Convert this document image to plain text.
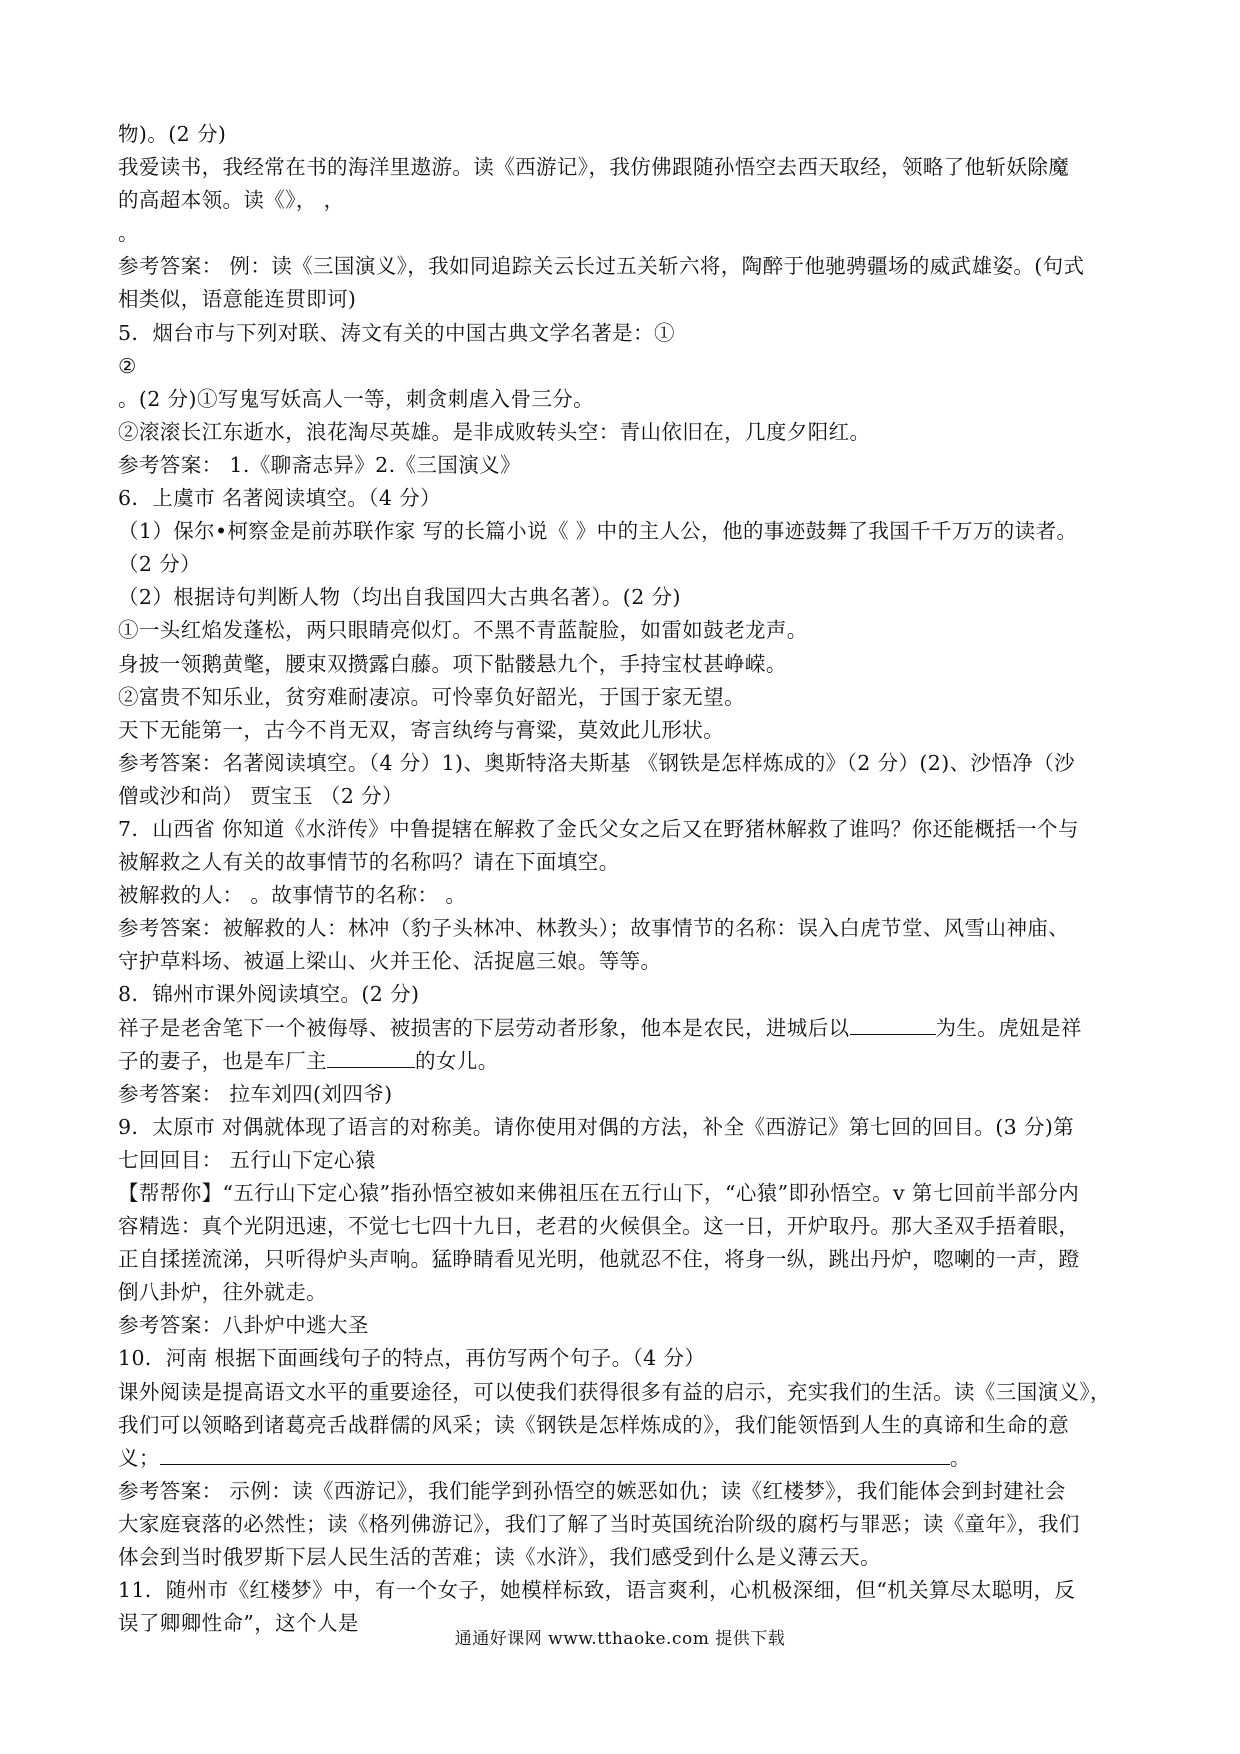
物)。(2 分)
我爱读书，我经常在书的海洋里遨游。读《西游记》，我仿佛跟随孙悟空去西天取经，领略了他斩妖除魔
的高超本领。读《》， ，
。
参考答案： 例：读《三国演义》，我如同追踪关云长过五关斩六将，陶醉于他驰骋疆场的威武雄姿。(句式
相类似，语意能连贯即诃)
5．烟台市与下列对联、涛文有关的中国古典文学名著是：①
②
。(2 分)①写鬼写妖高人一等，刺贪刺虐入骨三分。
②滚滚长江东逝水，浪花淘尽英雄。是非成败转头空：青山依旧在，几度夕阳红。
参考答案： 1.《聊斋志异》2.《三国演义》
6．上虞市 名著阅读填空。（4 分）
（1）保尔•柯察金是前苏联作家 写的长篇小说《 》中的主人公，他的事迹鼓舞了我国千千万万的读者。
（2 分）
（2）根据诗句判断人物（均出自我国四大古典名著）。(2 分)
①一头红焰发蓬松，两只眼睛亮似灯。不黑不青蓝靛脸，如雷如鼓老龙声。
身披一领鹅黄氅，腰束双攒露白藤。项下骷髅悬九个，手持宝杖甚峥嵘。
②富贵不知乐业，贫穷难耐凄凉。可怜辜负好韶光，于国于家无望。
天下无能第一，古今不肖无双，寄言纨绔与膏粱，莫效此儿形状。
参考答案：名著阅读填空。（4 分）1)、奥斯特洛夫斯基 《钢铁是怎样炼成的》（2 分）(2)、沙悟净（沙
僧或沙和尚） 贾宝玉 （2 分）
7．山西省 你知道《水浒传》中鲁提辖在解救了金氏父女之后又在野猪林解救了谁吗？你还能概括一个与
被解救之人有关的故事情节的名称吗？请在下面填空。
被解救的人： 。故事情节的名称： 。
参考答案：被解救的人：林冲（豹子头林冲、林教头）；故事情节的名称：误入白虎节堂、风雪山神庙、
守护草料场、被逼上梁山、火并王伦、活捉扈三娘。等等。
8．锦州市课外阅读填空。(2 分)
祥子是老舍笔下一个被侮辱、被损害的下层劳动者形象，他本是农民，进城后以	为生。虎妞是祥
子的妻子，也是车厂主	的女儿。
参考答案： 拉车刘四(刘四爷)
9．太原市 对偶就体现了语言的对称美。请你使用对偶的方法，补全《西游记》第七回的回目。(3 分)第
七回回目： 五行山下定心猿
【帮帮你】“五行山下定心猿”指孙悟空被如来佛祖压在五行山下，“心猿”即孙悟空。v 第七回前半部分内
容精选：真个光阴迅速，不觉七七四十九日，老君的火候俱全。这一日，开炉取丹。那大圣双手捂着眼，
正自揉搓流涕，只听得炉头声响。猛睁睛看见光明，他就忍不住，将身一纵，跳出丹炉，唿喇的一声，蹬
倒八卦炉，往外就走。
参考答案：八卦炉中逃大圣
10．河南 根据下面画线句子的特点，再仿写两个句子。（4 分）
课外阅读是提高语文水平的重要途径，可以使我们获得很多有益的启示，充实我们的生活。读《三国演义》，
我们可以领略到诸葛亮舌战群儒的风采；读《钢铁是怎样炼成的》，我们能领悟到人生的真谛和生命的意
义；	。
参考答案： 示例：读《西游记》，我们能学到孙悟空的嫉恶如仇；读《红楼梦》，我们能体会到封建社会
大家庭衰落的必然性；读《格列佛游记》，我们了解了当时英国统治阶级的腐朽与罪恶；读《童年》，我们
体会到当时俄罗斯下层人民生活的苦难；读《水浒》，我们感受到什么是义薄云天。
11．随州市《红楼梦》中，有一个女子，她模样标致，语言爽利，心机极深细，但“机关算尽太聪明，反
误了卿卿性命”，这个人是
通通好课网 www.tthaoke.com 提供下载
